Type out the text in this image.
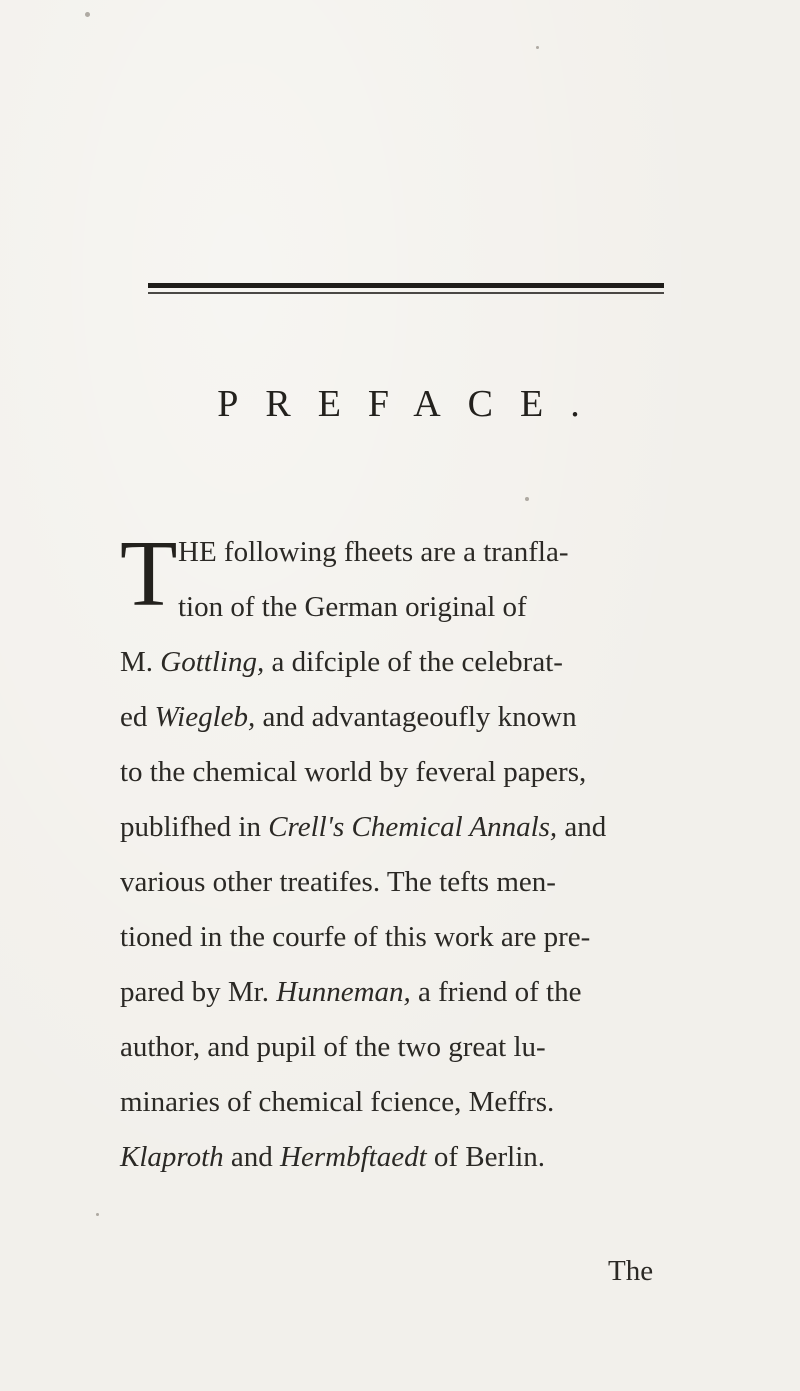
PREFACE.
T HE following fheets are a tranfla-
tion of the German original of
M. Gottling, a difciple of the celebrat-
ed Wiegleb, and advantageoufly known
to the chemical world by feveral papers,
publifhed in Crell's Chemical Annals, and
various other treatifes. The tefts men-
tioned in the courfe of this work are pre-
pared by Mr. Hunneman, a friend of the
author, and pupil of the two great lu-
minaries of chemical fcience, Meffrs.
Klaproth and Hermbftaedt of Berlin.
The
